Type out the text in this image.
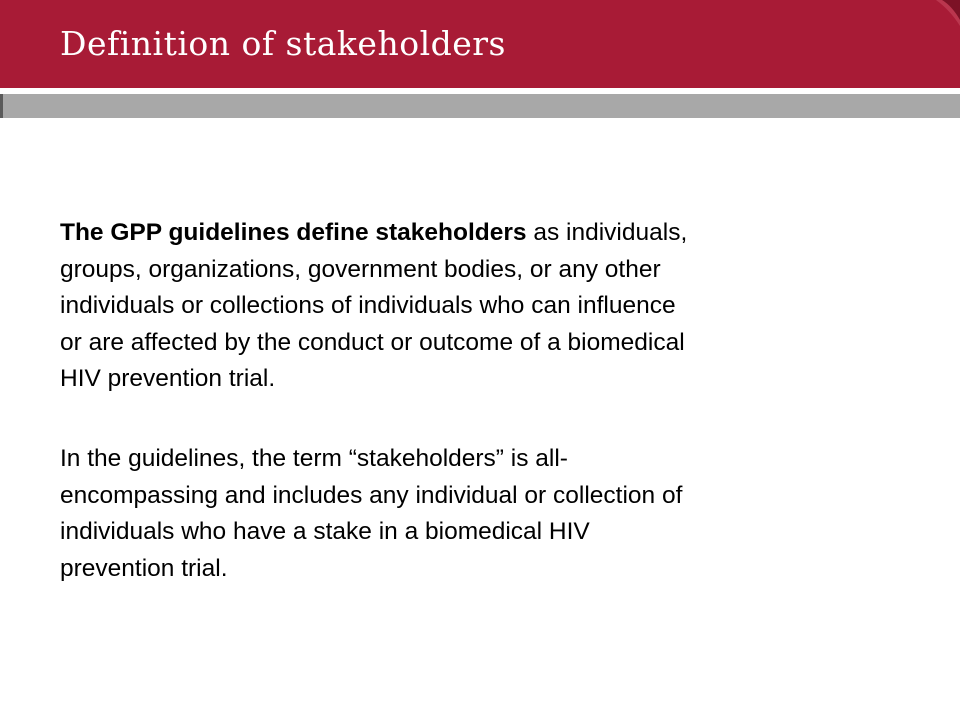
Definition of stakeholders

The GPP guidelines define stakeholders as individuals,
groups, organizations, government bodies, or any other
individuals or collections of individuals who can influence
or are affected by the conduct or outcome of a biomedical
HIV prevention trial.

In the guidelines, the term “stakeholders” is all-
encompassing and includes any individual or collection of
individuals who have a stake in a biomedical HIV
prevention trial.
